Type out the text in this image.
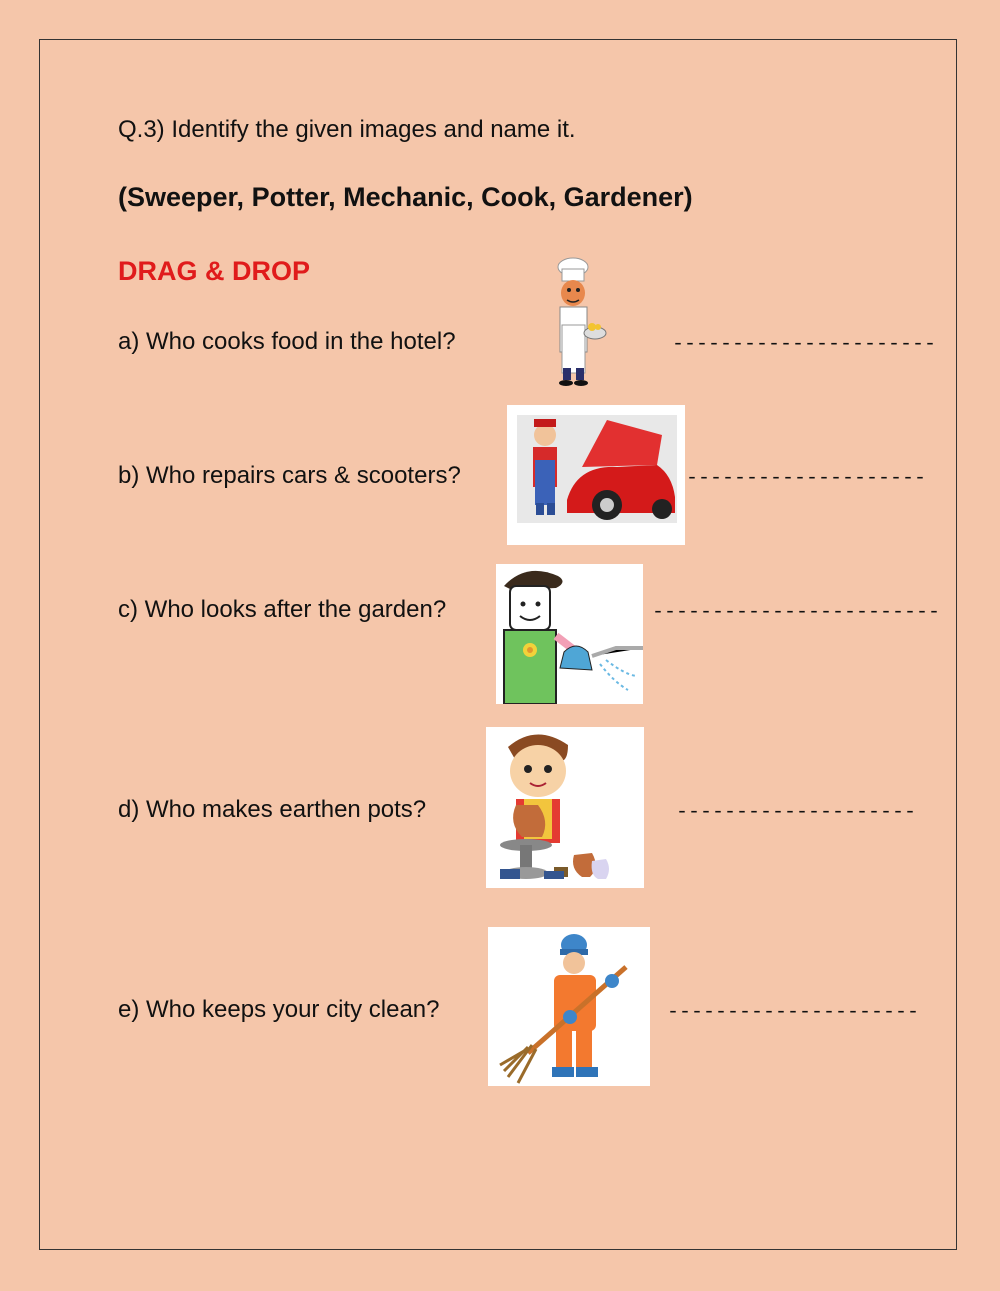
Q.3) Identify the given images and name it.
(Sweeper, Potter, Mechanic, Cook, Gardener)
DRAG & DROP
a) Who cooks food in the hotel?	----------------------
b) Who repairs cars & scooters?	--------------------
c) Who looks after the garden?	------------------------
d) Who makes earthen pots?	--------------------
e) Who keeps your city clean?	---------------------
